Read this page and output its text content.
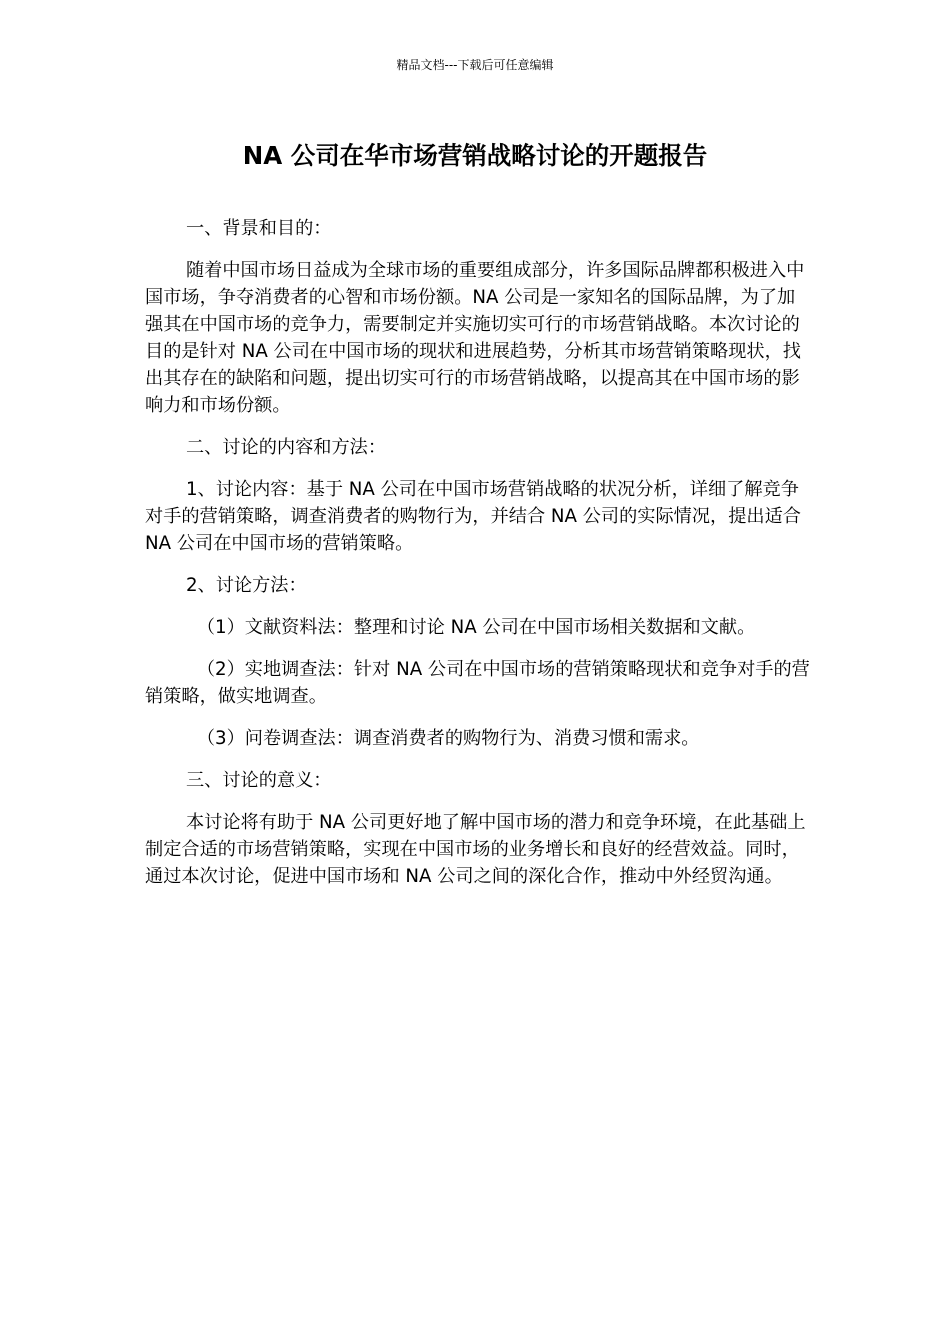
精品文档---下载后可任意编辑
NA 公司在华市场营销战略讨论的开题报告

一、背景和目的：

随着中国市场日益成为全球市场的重要组成部分，许多国际品牌都积极进入中国市场，争夺消费者的心智和市场份额。NA 公司是一家知名的国际品牌，为了加强其在中国市场的竞争力，需要制定并实施切实可行的市场营销战略。本次讨论的目的是针对 NA 公司在中国市场的现状和进展趋势，分析其市场营销策略现状，找出其存在的缺陷和问题，提出切实可行的市场营销战略，以提高其在中国市场的影响力和市场份额。

二、讨论的内容和方法：

1、讨论内容：基于 NA 公司在中国市场营销战略的状况分析，详细了解竞争对手的营销策略，调查消费者的购物行为，并结合 NA 公司的实际情况，提出适合 NA 公司在中国市场的营销策略。

2、讨论方法：

（1）文献资料法：整理和讨论 NA 公司在中国市场相关数据和文献。

（2）实地调查法：针对 NA 公司在中国市场的营销策略现状和竞争对手的营销策略，做实地调查。

（3）问卷调查法：调查消费者的购物行为、消费习惯和需求。

三、讨论的意义：

本讨论将有助于 NA 公司更好地了解中国市场的潜力和竞争环境，在此基础上制定合适的市场营销策略，实现在中国市场的业务增长和良好的经营效益。同时，通过本次讨论，促进中国市场和 NA 公司之间的深化合作，推动中外经贸沟通。
